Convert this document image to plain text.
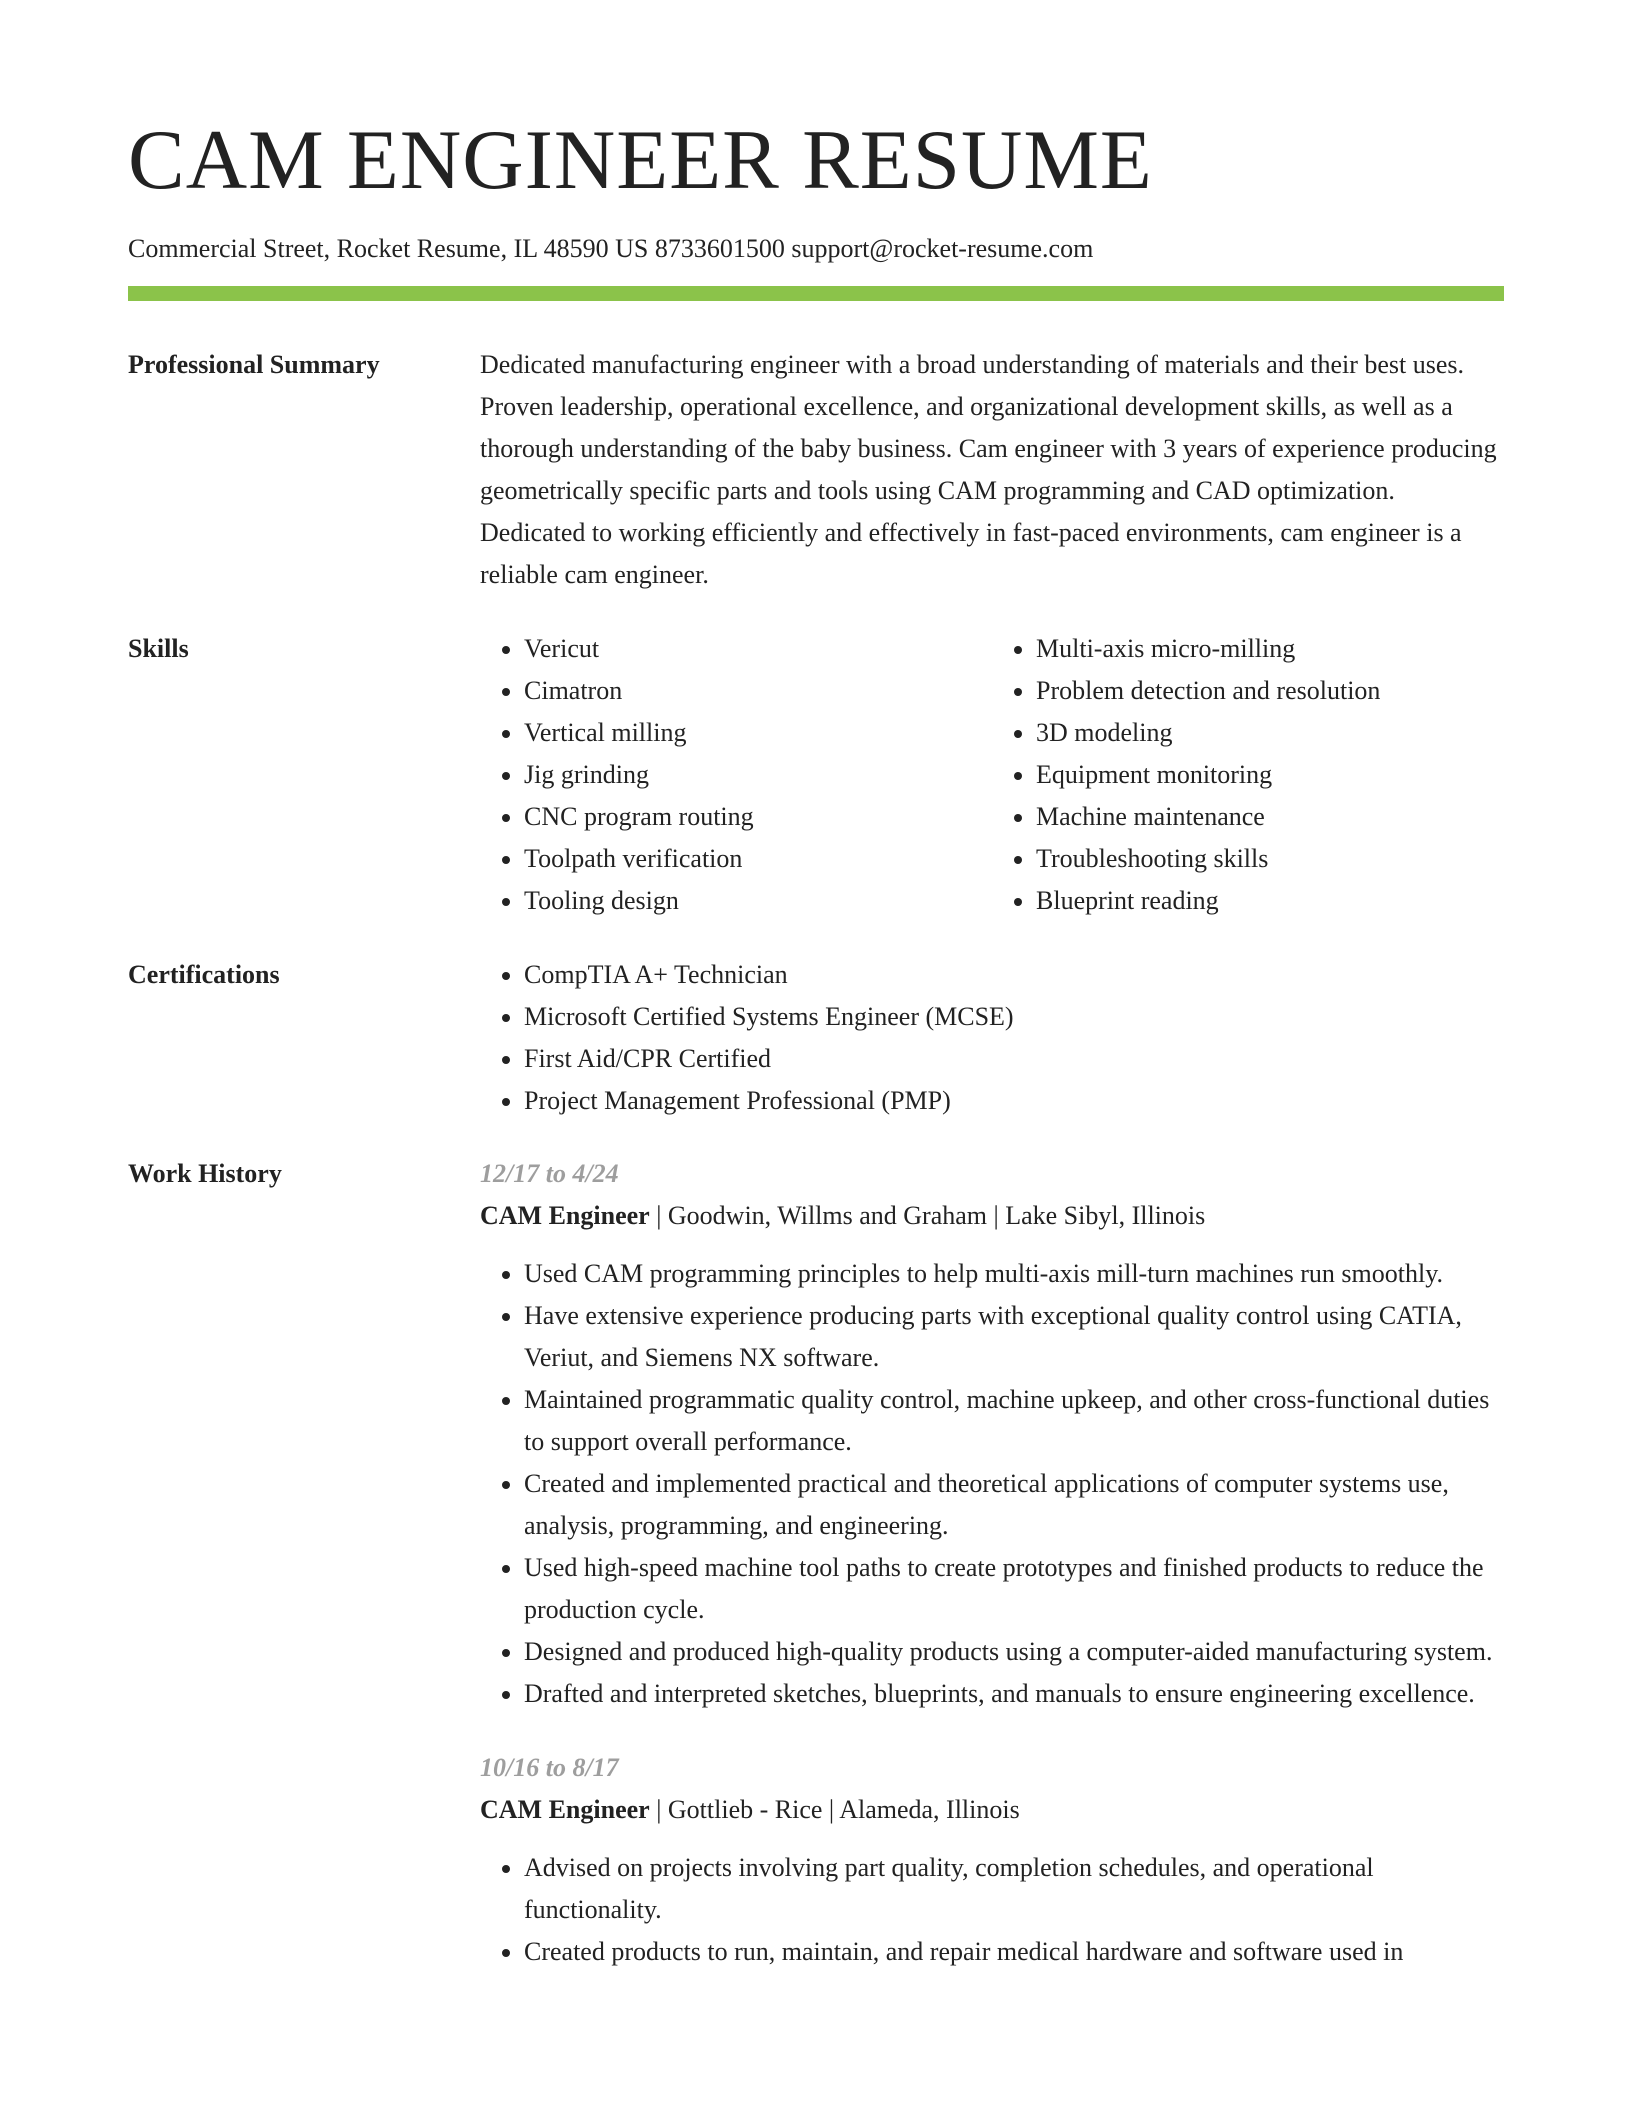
CAM ENGINEER RESUME
Commercial Street, Rocket Resume, IL 48590 US 8733601500 support@rocket-resume.com
Professional Summary	Dedicated manufacturing engineer with a broad understanding of materials and their best uses. Proven leadership, operational excellence, and organizational development skills, as well as a thorough understanding of the baby business. Cam engineer with 3 years of experience producing geometrically specific parts and tools using CAM programming and CAD optimization. Dedicated to working efficiently and effectively in fast-paced environments, cam engineer is a reliable cam engineer.

Skills	• Vericut
• Cimatron
• Vertical milling
• Jig grinding
• CNC program routing
• Toolpath verification
• Tooling design
• Multi-axis micro-milling
• Problem detection and resolution
• 3D modeling
• Equipment monitoring
• Machine maintenance
• Troubleshooting skills
• Blueprint reading
Certifications	• CompTIA A+ Technician
• Microsoft Certified Systems Engineer (MCSE)
• First Aid/CPR Certified
• Project Management Professional (PMP)
Work History	12/17 to 4/24
CAM Engineer | Goodwin, Willms and Graham | Lake Sibyl, Illinois
• Used CAM programming principles to help multi-axis mill-turn machines run smoothly.
• Have extensive experience producing parts with exceptional quality control using CATIA, Veriut, and Siemens NX software.
• Maintained programmatic quality control, machine upkeep, and other cross-functional duties to support overall performance.
• Created and implemented practical and theoretical applications of computer systems use, analysis, programming, and engineering.
• Used high-speed machine tool paths to create prototypes and finished products to reduce the production cycle.
• Designed and produced high-quality products using a computer-aided manufacturing system.
• Drafted and interpreted sketches, blueprints, and manuals to ensure engineering excellence.
10/16 to 8/17
CAM Engineer | Gottlieb - Rice | Alameda, Illinois
• Advised on projects involving part quality, completion schedules, and operational functionality.
• Created products to run, maintain, and repair medical hardware and software used in
